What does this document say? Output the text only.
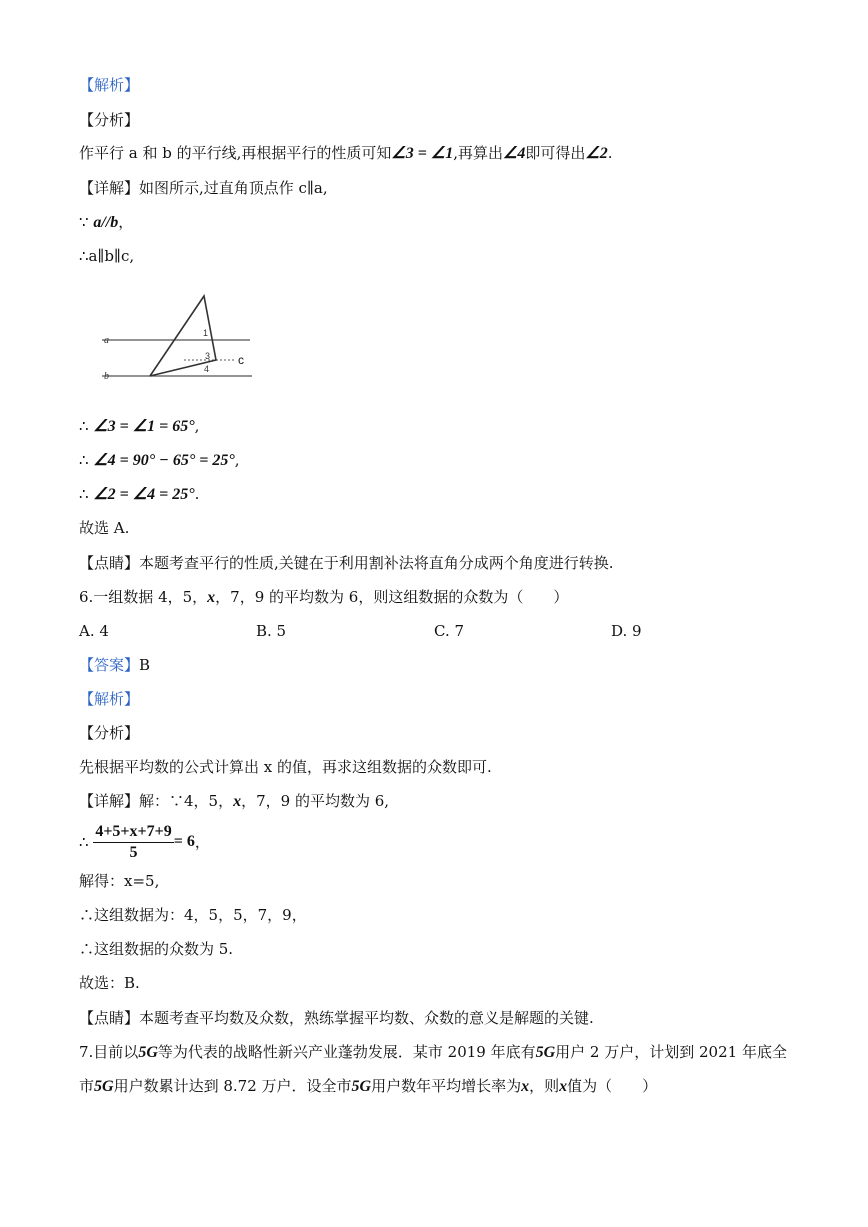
【解析】
【分析】
作平行 a 和 b 的平行线,再根据平行的性质可知∠3 = ∠1,再算出∠4即可得出∠2.
【详解】如图所示,过直角顶点作 c∥a,
∵ a//b，
∴a∥b∥c,
a
b
c
1
3
4
∴ ∠3 = ∠1 = 65°,
∴ ∠4 = 90° − 65° = 25°,
∴ ∠2 = ∠4 = 25°.
故选 A.
【点睛】本题考查平行的性质,关键在于利用割补法将直角分成两个角度进行转换.
6.一组数据 4，5，x，7，9 的平均数为 6，则这组数据的众数为（　　）
A. 4	B. 5	C. 7	D. 9
【答案】B
【解析】
【分析】
先根据平均数的公式计算出 x 的值，再求这组数据的众数即可.
【详解】解：∵4，5，x，7，9 的平均数为 6,
∴ $\frac{4+5+x+7+9}{5} = 6$，
解得：x=5,
∴这组数据为：4，5，5，7，9，
∴这组数据的众数为 5.
故选：B.
【点睛】本题考查平均数及众数，熟练掌握平均数、众数的意义是解题的关键.
7.目前以5G等为代表的战略性新兴产业蓬勃发展．某市 2019 年底有5G用户 2 万户，计划到 2021 年底全
市5G用户数累计达到 8.72 万户．设全市5G用户数年平均增长率为x，则x值为（　　）
